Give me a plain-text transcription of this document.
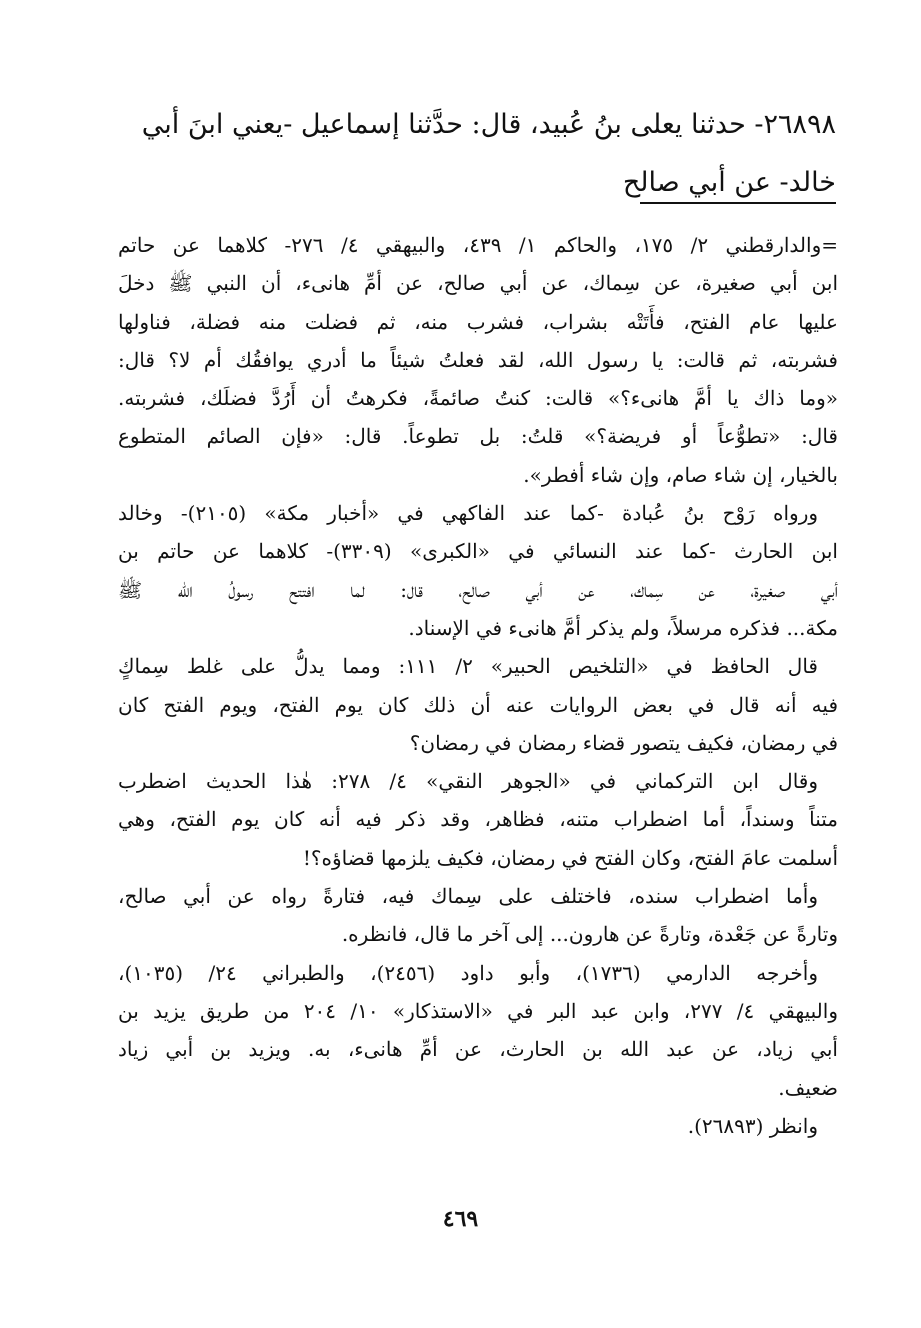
٢٦٨٩٨- حدثنا يعلى بنُ عُبيد، قال: حدَّثنا إسماعيل -يعني ابنَ أبي
خالد- عن أبي صالح
=والدارقطني ٢/ ١٧٥، والحاكم ١/ ٤٣٩، والبيهقي ٤/ ٢٧٦- كلاهما عن حاتم
ابن أبي صغيرة، عن سِماك، عن أبي صالح، عن أمِّ هانىء، أن النبي ﷺ دخلَ
عليها عام الفتح، فأَتَتْه بشراب، فشرب منه، ثم فضلت منه فضلة، فناولها
فشربته، ثم قالت: يا رسول الله، لقد فعلتُ شيئاً ما أدري يوافقُك أم لا؟ قال:
«وما ذاك يا أمَّ هانىء؟» قالت: كنتُ صائمةً، فكرهتُ أن أَرُدَّ فضلَك، فشربته.
قال: «تطوُّعاً أو فريضة؟» قلتُ: بل تطوعاً. قال: «فإن الصائم المتطوع
بالخيار، إن شاء صام، وإن شاء أفطر».
ورواه رَوْح بنُ عُبادة -كما عند الفاكهي في «أخبار مكة» (٢١٠٥)- وخالد
ابن الحارث -كما عند النسائي في «الكبرى» (٣٣٠٩)- كلاهما عن حاتم بن
أبي صغيرة، عن سِماك، عن أبي صالح، قال: لما افتتح رسولُ الله ﷺ
مكة... فذكره مرسلاً، ولم يذكر أمَّ هانىء في الإسناد.
قال الحافظ في «التلخيص الحبير» ٢/ ١١١: ومما يدلُّ على غلط سِماكٍ
فيه أنه قال في بعض الروايات عنه أن ذلك كان يوم الفتح، ويوم الفتح كان
في رمضان، فكيف يتصور قضاء رمضان في رمضان؟
وقال ابن التركماني في «الجوهر النقي» ٤/ ٢٧٨: هٰذا الحديث اضطرب
متناً وسنداً، أما اضطراب متنه، فظاهر، وقد ذكر فيه أنه كان يوم الفتح، وهي
أسلمت عامَ الفتح، وكان الفتح في رمضان، فكيف يلزمها قضاؤه؟!
وأما اضطراب سنده، فاختلف على سِماك فيه، فتارةً رواه عن أبي صالح،
وتارةً عن جَعْدة، وتارةً عن هارون... إلى آخر ما قال، فانظره.
وأخرجه الدارمي (١٧٣٦)، وأبو داود (٢٤٥٦)، والطبراني ٢٤/ (١٠٣٥)،
والبيهقي ٤/ ٢٧٧، وابن عبد البر في «الاستذكار» ١٠/ ٢٠٤ من طريق يزيد بن
أبي زياد، عن عبد الله بن الحارث، عن أمِّ هانىء، به. ويزيد بن أبي زياد
ضعيف.
وانظر (٢٦٨٩٣).
٤٦٩
